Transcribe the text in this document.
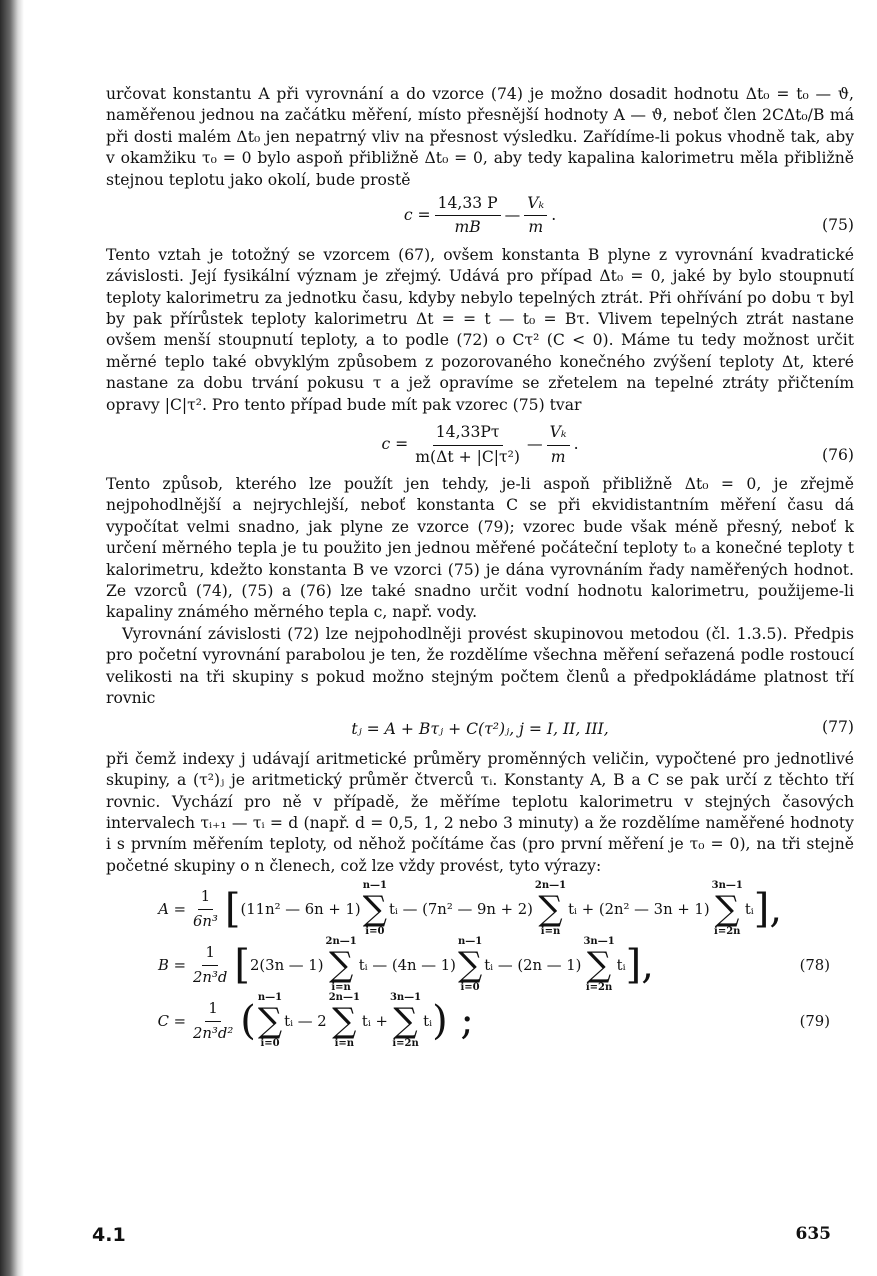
určovat konstantu A při vyrovnání a do vzorce (74) je možno dosadit hodnotu Δt₀ = t₀ — ϑ, naměřenou jednou na začátku měření, místo přesnější hodnoty A — ϑ, neboť člen 2CΔt₀/B má při dosti malém Δt₀ jen nepatrný vliv na přesnost výsledku. Zařídíme-li pokus vhodně tak, aby v okamžiku τ₀ = 0 bylo aspoň přibližně Δt₀ = 0, aby tedy kapalina kalorimetru měla přibližně stejnou teplotu jako okolí, bude prostě

$c = \frac{14,33 P}{mB}$ — $\frac{\text{Vₖ}}{m}$ .
(75)

Tento vztah je totožný se vzorcem (67), ovšem konstanta B plyne z vyrovnání kvadratické závislosti. Její fysikální význam je zřejmý. Udává pro případ Δt₀ = 0, jaké by bylo stoupnutí teploty kalorimetru za jednotku času, kdyby nebylo tepelných ztrát. Při ohřívání po dobu τ byl by pak přírůstek teploty kalorimetru Δt = = t — t₀ = Bτ. Vlivem tepelných ztrát nastane ovšem menší stoupnutí teploty, a to podle (72) o Cτ² (C < 0). Máme tu tedy možnost určit měrné teplo také obvyklým způsobem z pozorovaného konečného zvýšení teploty Δt, které nastane za dobu trvání pokusu τ a jež opravíme se zřetelem na tepelné ztráty přičtením opravy |C|τ². Pro tento případ bude mít pak vzorec (75) tvar

$c = \frac{14,33P\tau}{\text{m(Δt + |C|τ²)}}$ — $\frac{\text{Vₖ}}{m}$ .
(76)

Tento způsob, kterého lze použít jen tehdy, je-li aspoň přibližně Δt₀ = 0, je zřejmě nejpohodlnější a nejrychlejší, neboť konstanta C se při ekvidistantním měření času dá vypočítat velmi snadno, jak plyne ze vzorce (79); vzorec bude však méně přesný, neboť k určení měrného tepla je tu použito jen jednou měřené počáteční teploty t₀ a konečné teploty t kalorimetru, kdežto konstanta B ve vzorci (75) je dána vyrovnáním řady naměřených hodnot. Ze vzorců (74), (75) a (76) lze také snadno určit vodní hodnotu kalorimetru, použijeme-li kapaliny známého měrného tepla c, např. vody.

Vyrovnání závislosti (72) lze nejpohodlněji provést skupinovou metodou (čl. 1.3.5). Předpis pro početní vyrovnání parabolou je ten, že rozdělíme všechna měření seřazená podle rostoucí velikosti na tři skupiny s pokud možno stejným počtem členů a předpokládáme platnost tří rovnic

tⱼ = A + Bτⱼ + C(τ²)ⱼ, j = I, II, III,	(77)

při čemž indexy j udávají aritmetické průměry proměnných veličin, vypočtené pro jednotlivé skupiny, a (τ²)ⱼ je aritmetický průměr čtverců τᵢ. Konstanty A, B a C se pak určí z těchto tří rovnic. Vychází pro ně v případě, že měříme teplotu kalorimetru v stejných časových intervalech τᵢ₊₁ — τᵢ = d (např. d = 0,5, 1, 2 nebo 3 minuty) a že rozdělíme naměřené hodnoty i s prvním měřením teploty, od něhož počítáme čas (pro první měření je τ₀ = 0), na tři stejně početné skupiny o n členech, což lze vždy provést, tyto výrazy:

$A = \frac{1}{\text{6n³}}$ [ (11n² — 6n + 1)
n—1
∑
i=0
tᵢ — (7n² — 9n + 2)
2n—1
∑
i=n
tᵢ + (2n² — 3n + 1)
3n—1
∑
i=2n
tᵢ ],
$B = \frac{1}{\text{2n³d}}$ [ 2(3n — 1)
2n—1
∑
i=n
tᵢ — (4n — 1)
n—1
∑
i=0
tᵢ — (2n — 1)
3n—1
∑
i=2n
tᵢ ],	(78)
$C = \frac{1}{\text{2n³d²}}$ (
n—1
∑
i=0
tᵢ — 2
2n—1
∑
i=n
tᵢ +
3n—1
∑
i=2n
tᵢ ) ;	(79)
4.1	635
